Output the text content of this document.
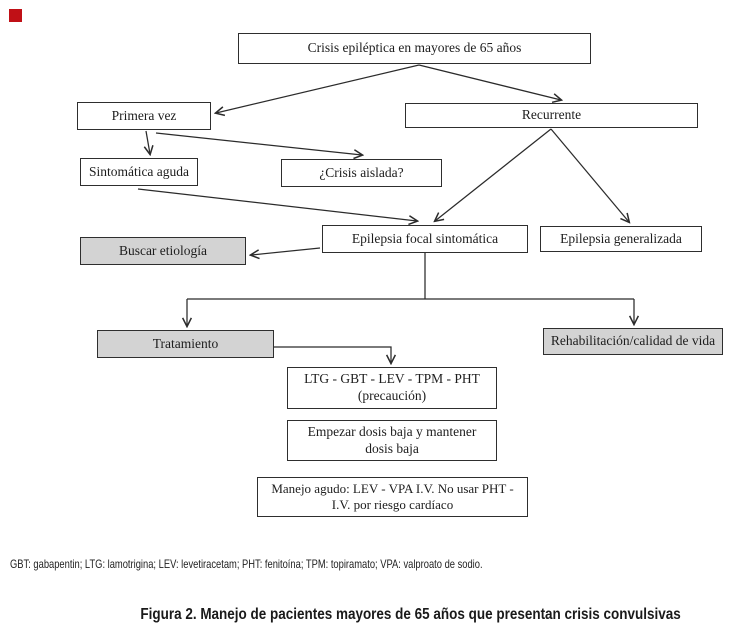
Crisis epiléptica en mayores de 65 años
Primera vez	Recurrente
Sintomática aguda	¿Crisis aislada?
Buscar etiología
Epilepsia focal sintomática	Epilepsia generalizada
Tratamiento	Rehabilitación/calidad de vida
LTG - GBT - LEV - TPM - PHT
(precaución)
Empezar dosis baja y mantener
dosis baja
Manejo agudo: LEV - VPA I.V. No usar PHT -
I.V. por riesgo cardíaco
GBT: gabapentin; LTG: lamotrigina; LEV: levetiracetam; PHT: fenitoína; TPM: topiramato; VPA: valproato de sodio.
Figura 2. Manejo de pacientes mayores de 65 años que presentan crisis convulsivas
